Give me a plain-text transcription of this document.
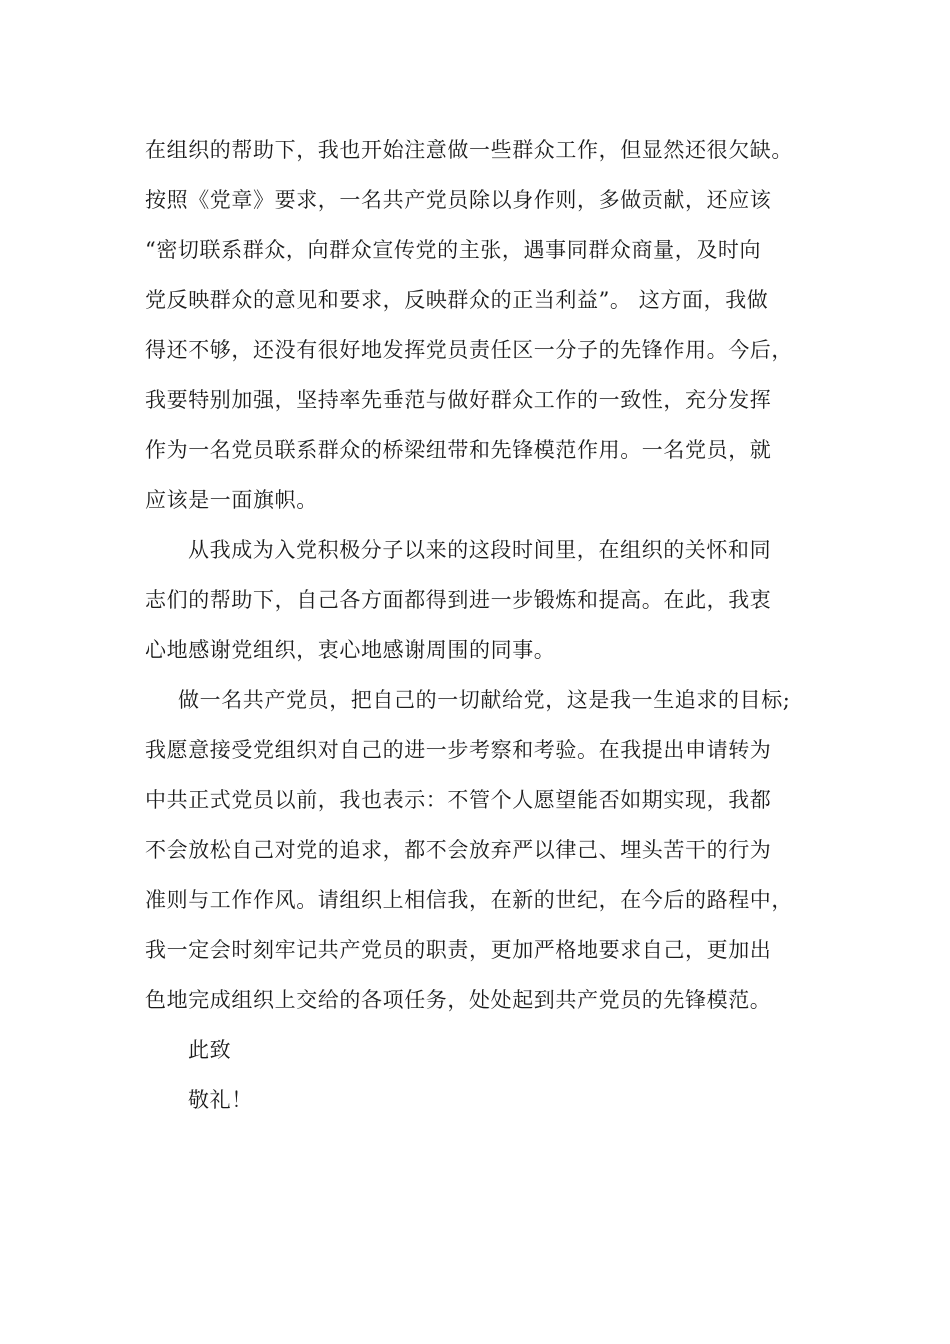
在组织的帮助下，我也开始注意做一些群众工作，但显然还很欠缺。
按照《党章》要求，一名共产党员除以身作则，多做贡献，还应该
“密切联系群众，向群众宣传党的主张，遇事同群众商量，及时向
党反映群众的意见和要求，反映群众的正当利益”。 这方面，我做
得还不够，还没有很好地发挥党员责任区一分子的先锋作用。今后，
我要特别加强，坚持率先垂范与做好群众工作的一致性，充分发挥
作为一名党员联系群众的桥梁纽带和先锋模范作用。一名党员，就
应该是一面旗帜。
从我成为入党积极分子以来的这段时间里，在组织的关怀和同
志们的帮助下，自己各方面都得到进一步锻炼和提高。在此，我衷
心地感谢党组织，衷心地感谢周围的同事。
做一名共产党员，把自己的一切献给党，这是我一生追求的目标;
我愿意接受党组织对自己的进一步考察和考验。在我提出申请转为
中共正式党员以前，我也表示：不管个人愿望能否如期实现，我都
不会放松自己对党的追求，都不会放弃严以律己、埋头苦干的行为
准则与工作作风。请组织上相信我，在新的世纪，在今后的路程中，
我一定会时刻牢记共产党员的职责，更加严格地要求自己，更加出
色地完成组织上交给的各项任务，处处起到共产党员的先锋模范。
此致
敬礼！
